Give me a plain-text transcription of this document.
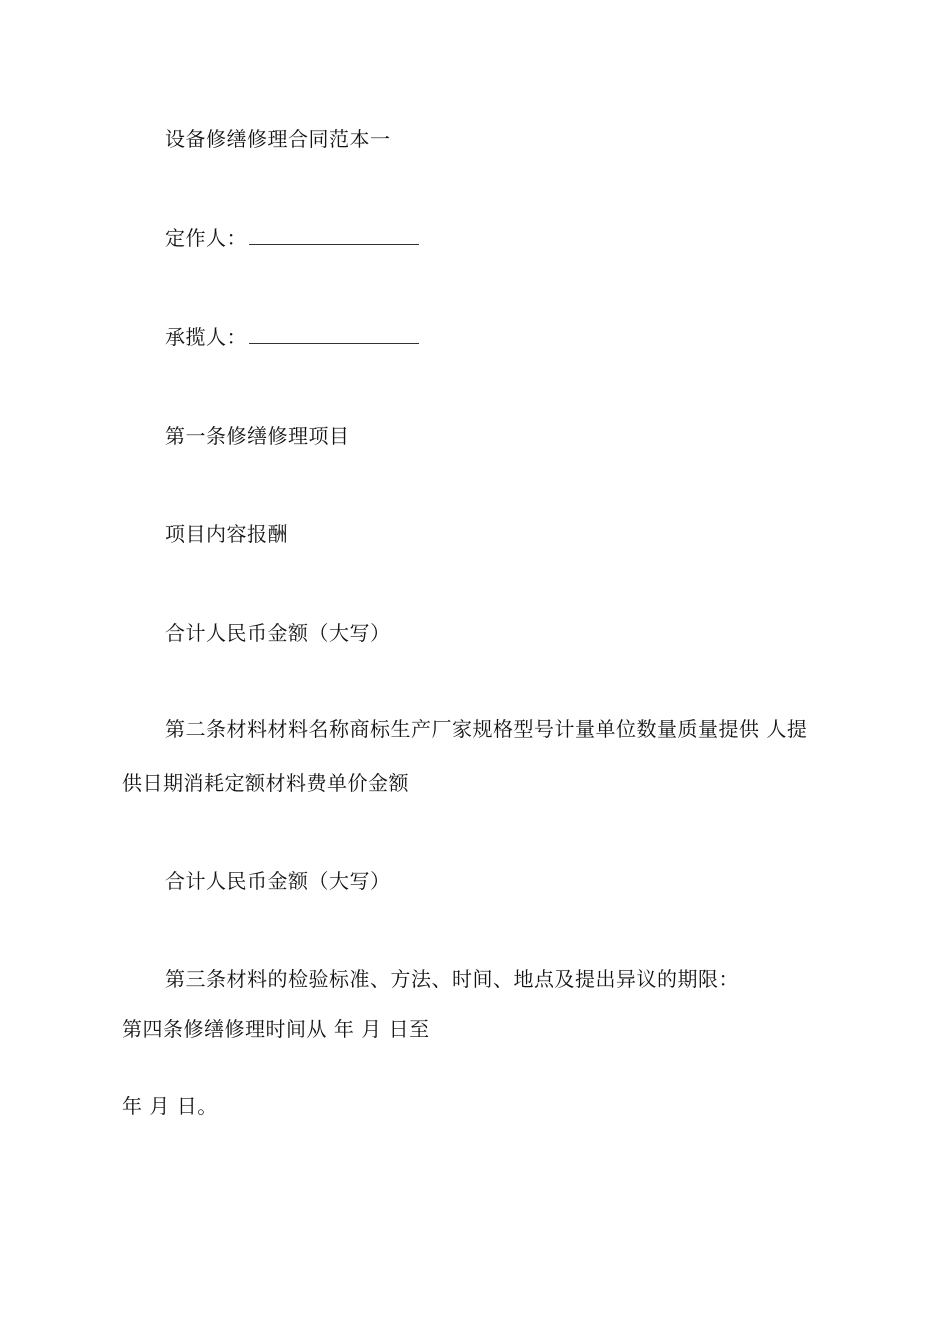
设备修缮修理合同范本一
定作人：
承揽人：
第一条修缮修理项目
项目内容报酬
合计人民币金额（大写）
第二条材料材料名称商标生产厂家规格型号计量单位数量质量提供 人提
供日期消耗定额材料费单价金额
合计人民币金额（大写）
第三条材料的检验标准、方法、时间、地点及提出异议的期限：
第四条修缮修理时间从 年 月 日至
年 月 日。
